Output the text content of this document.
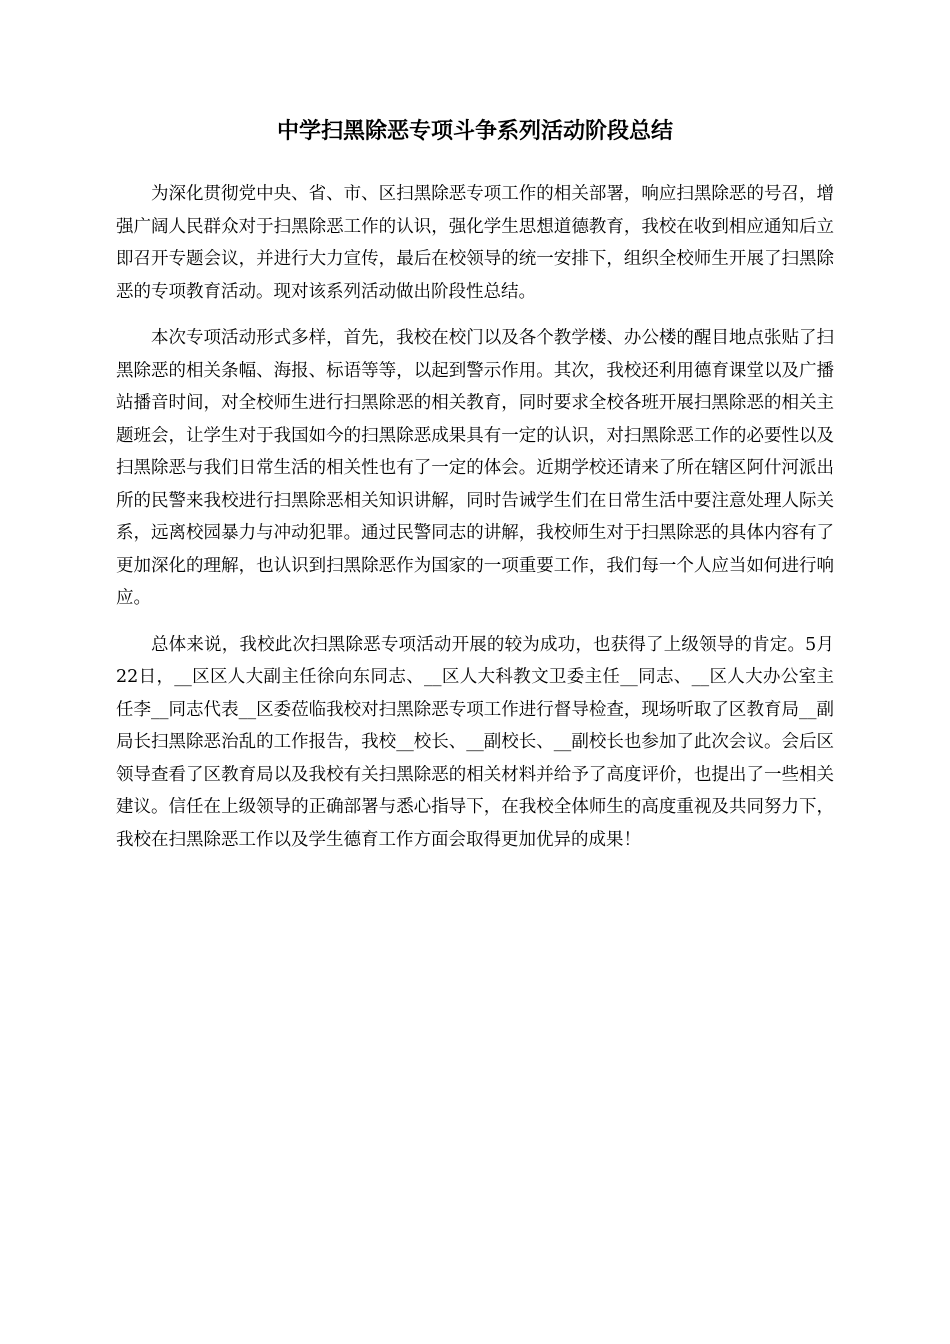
中学扫黑除恶专项斗争系列活动阶段总结

为深化贯彻党中央、省、市、区扫黑除恶专项工作的相关部署，响应扫黑除恶的号召，增强广阔人民群众对于扫黑除恶工作的认识，强化学生思想道德教育，我校在收到相应通知后立即召开专题会议，并进行大力宣传，最后在校领导的统一安排下，组织全校师生开展了扫黑除恶的专项教育活动。现对该系列活动做出阶段性总结。

本次专项活动形式多样，首先，我校在校门以及各个教学楼、办公楼的醒目地点张贴了扫黑除恶的相关条幅、海报、标语等等，以起到警示作用。其次，我校还利用德育课堂以及广播站播音时间，对全校师生进行扫黑除恶的相关教育，同时要求全校各班开展扫黑除恶的相关主题班会，让学生对于我国如今的扫黑除恶成果具有一定的认识，对扫黑除恶工作的必要性以及扫黑除恶与我们日常生活的相关性也有了一定的体会。近期学校还请来了所在辖区阿什河派出所的民警来我校进行扫黑除恶相关知识讲解，同时告诫学生们在日常生活中要注意处理人际关系，远离校园暴力与冲动犯罪。通过民警同志的讲解，我校师生对于扫黑除恶的具体内容有了更加深化的理解，也认识到扫黑除恶作为国家的一项重要工作，我们每一个人应当如何进行响应。

总体来说，我校此次扫黑除恶专项活动开展的较为成功，也获得了上级领导的肯定。5月22日，__区区人大副主任徐向东同志、__区人大科教文卫委主任__同志、__区人大办公室主任李__同志代表__区委莅临我校对扫黑除恶专项工作进行督导检查，现场听取了区教育局__副局长扫黑除恶治乱的工作报告，我校__校长、__副校长、__副校长也参加了此次会议。会后区领导查看了区教育局以及我校有关扫黑除恶的相关材料并给予了高度评价，也提出了一些相关建议。信任在上级领导的正确部署与悉心指导下，在我校全体师生的高度重视及共同努力下，我校在扫黑除恶工作以及学生德育工作方面会取得更加优异的成果！
